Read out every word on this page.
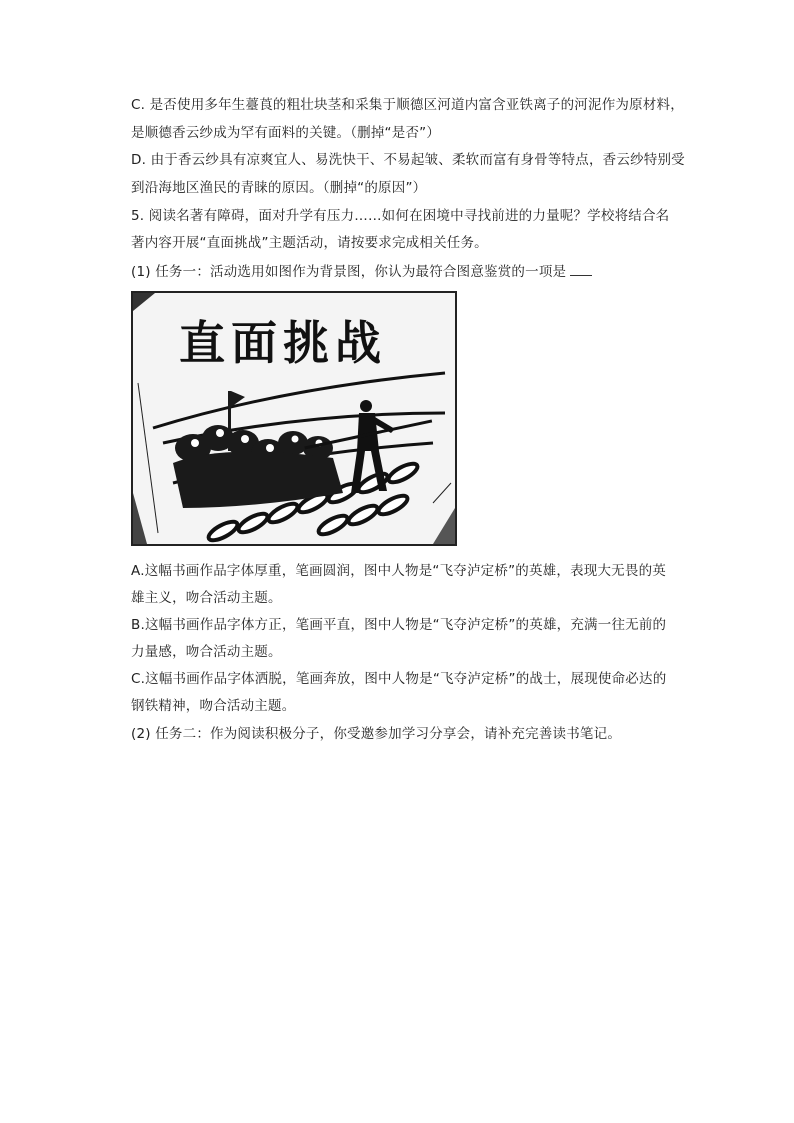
C. 是否使用多年生薹莨的粗壮块茎和采集于顺德区河道内富含亚铁离子的河泥作为原材料，
是顺德香云纱成为罕有面料的关键。（删掉“是否”）
D. 由于香云纱具有凉爽宜人、易洗快干、不易起皱、柔软而富有身骨等特点，香云纱特别受
到沿海地区渔民的青睐的原因。（删掉“的原因”）
5. 阅读名著有障碍，面对升学有压力……如何在困境中寻找前进的力量呢？学校将结合名
著内容开展“直面挑战”主题活动，请按要求完成相关任务。
(1) 任务一：活动选用如图作为背景图，你认为最符合图意鉴赏的一项是
直面挑战
A.这幅书画作品字体厚重，笔画圆润，图中人物是“飞夺泸定桥”的英雄，表现大无畏的英
雄主义，吻合活动主题。
B.这幅书画作品字体方正，笔画平直，图中人物是“飞夺泸定桥”的英雄，充满一往无前的
力量感，吻合活动主题。
C.这幅书画作品字体洒脱，笔画奔放，图中人物是“飞夺泸定桥”的战士，展现使命必达的
钢铁精神，吻合活动主题。
(2) 任务二：作为阅读积极分子，你受邀参加学习分享会，请补充完善读书笔记。
